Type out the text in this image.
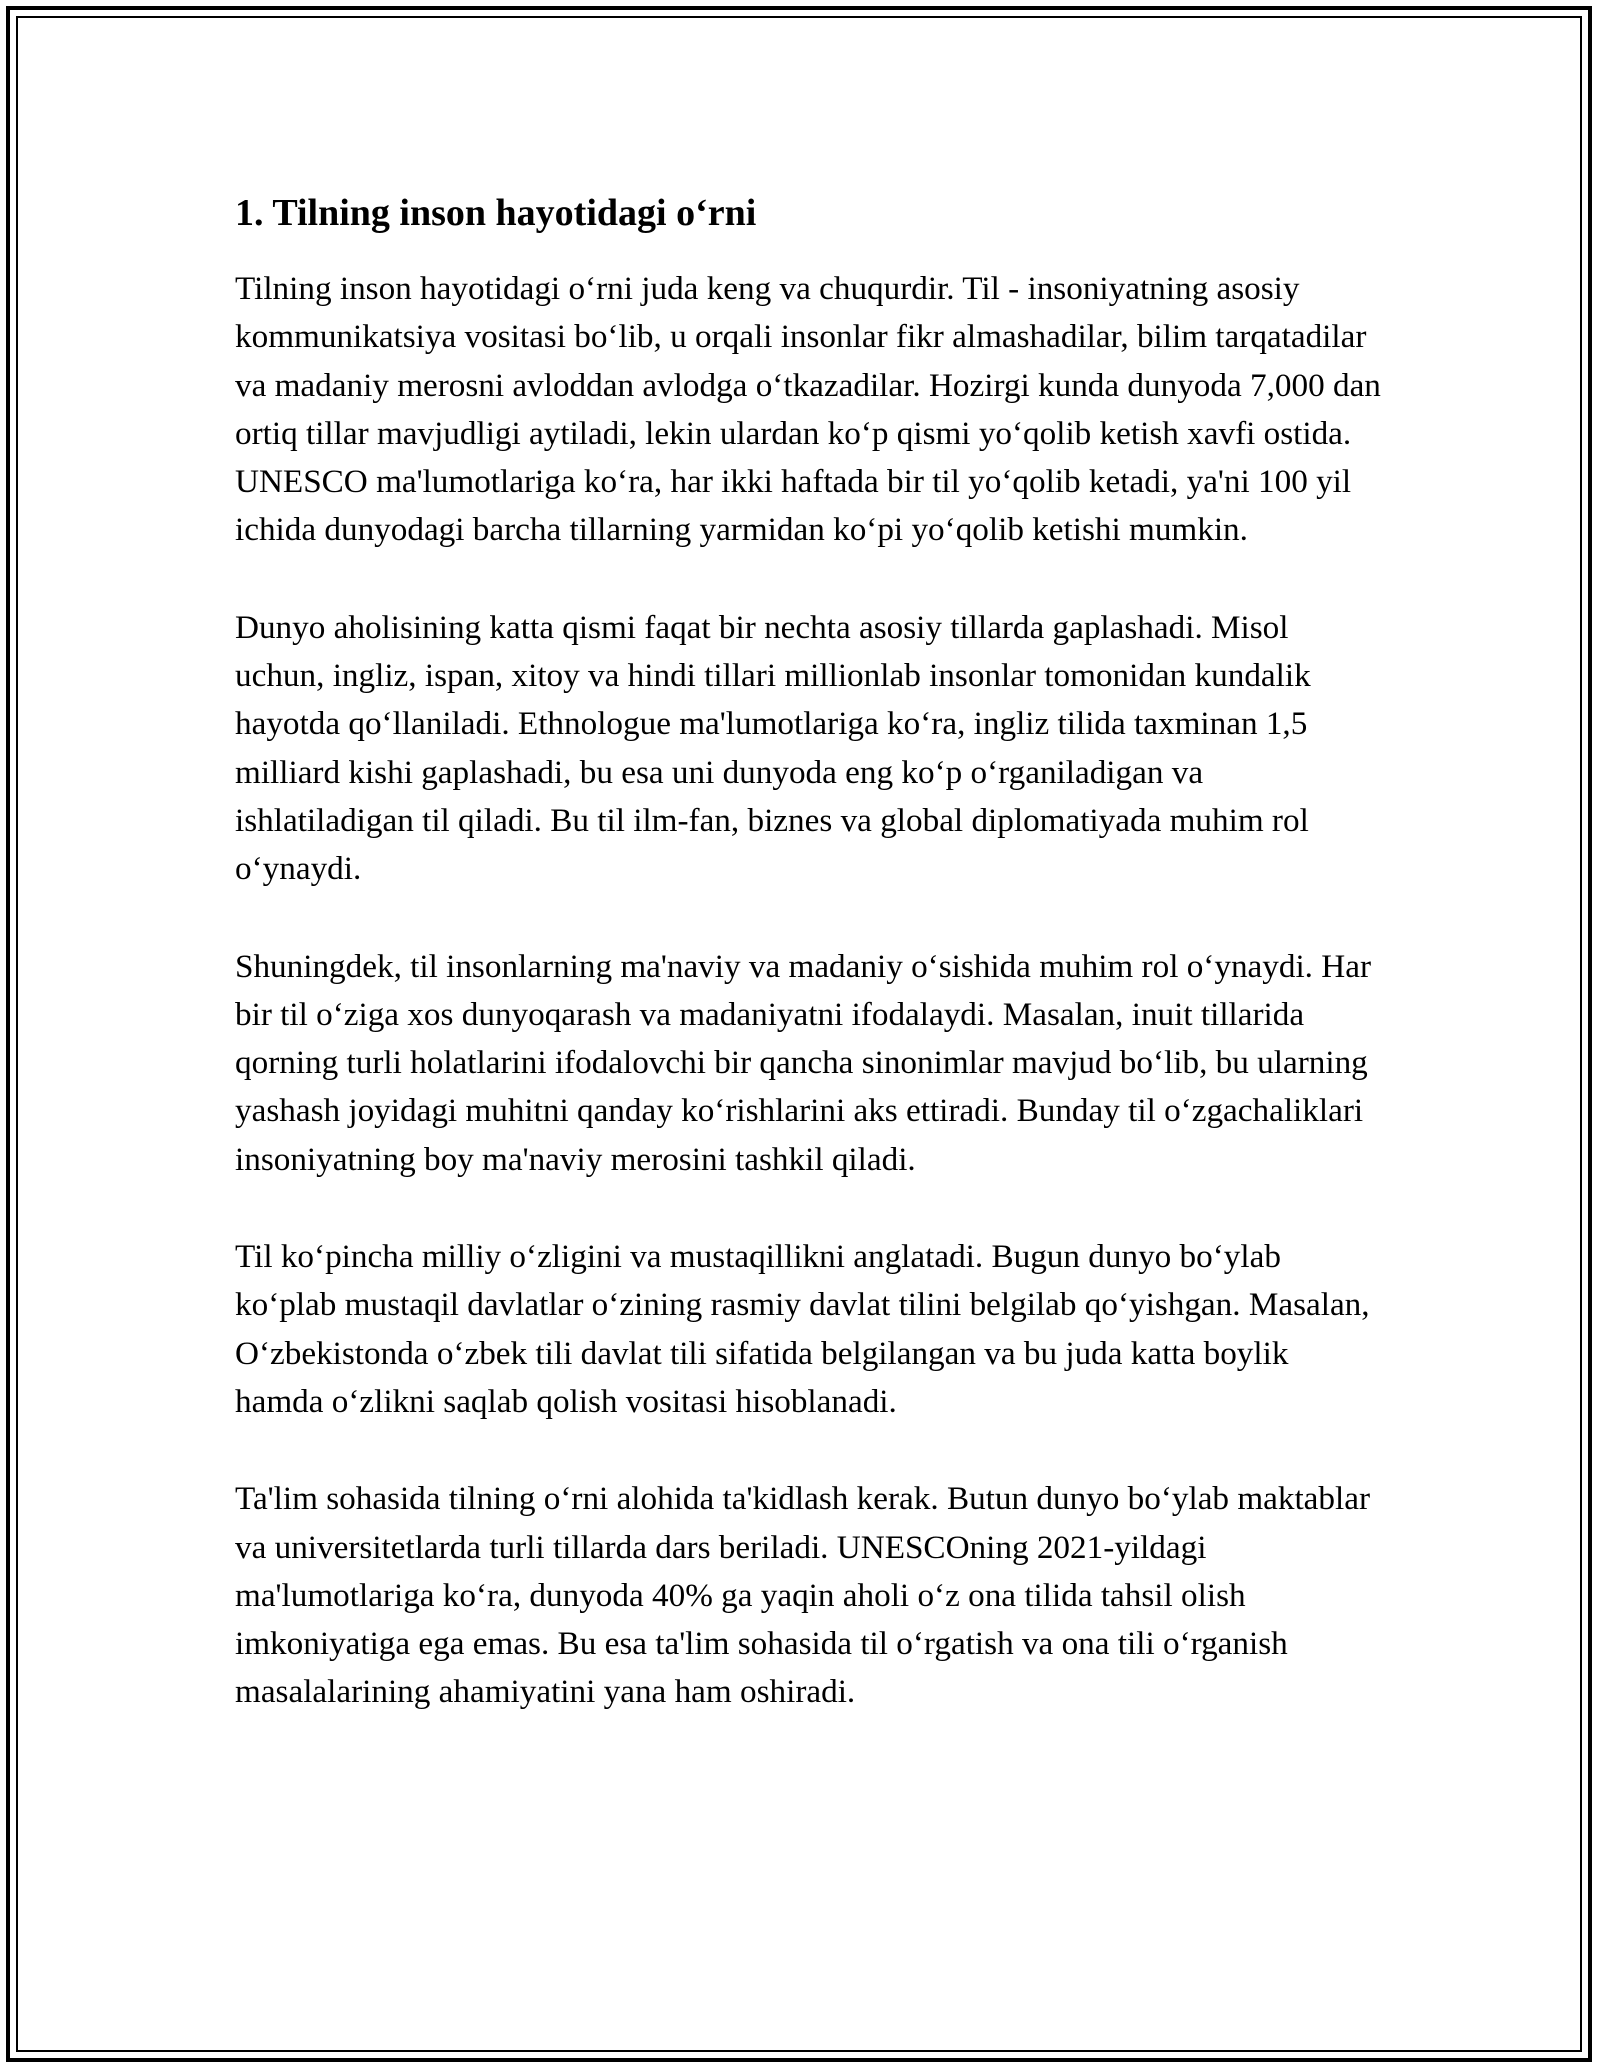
1. Tilning inson hayotidagi o‘rni

Tilning inson hayotidagi o‘rni juda keng va chuqurdir. Til - insoniyatning asosiy kommunikatsiya vositasi bo‘lib, u orqali insonlar fikr almashadilar, bilim tarqatadilar va madaniy merosni avloddan avlodga o‘tkazadilar. Hozirgi kunda dunyoda 7,000 dan ortiq tillar mavjudligi aytiladi, lekin ulardan ko‘p qismi yo‘qolib ketish xavfi ostida. UNESCO ma'lumotlariga ko‘ra, har ikki haftada bir til yo‘qolib ketadi, ya'ni 100 yil ichida dunyodagi barcha tillarning yarmidan ko‘pi yo‘qolib ketishi mumkin.

Dunyo aholisining katta qismi faqat bir nechta asosiy tillarda gaplashadi. Misol uchun, ingliz, ispan, xitoy va hindi tillari millionlab insonlar tomonidan kundalik hayotda qo‘llaniladi. Ethnologue ma'lumotlariga ko‘ra, ingliz tilida taxminan 1,5 milliard kishi gaplashadi, bu esa uni dunyoda eng ko‘p o‘rganiladigan va ishlatiladigan til qiladi. Bu til ilm-fan, biznes va global diplomatiyada muhim rol o‘ynaydi.

Shuningdek, til insonlarning ma'naviy va madaniy o‘sishida muhim rol o‘ynaydi. Har bir til o‘ziga xos dunyoqarash va madaniyatni ifodalaydi. Masalan, inuit tillarida qorning turli holatlarini ifodalovchi bir qancha sinonimlar mavjud bo‘lib, bu ularning yashash joyidagi muhitni qanday ko‘rishlarini aks ettiradi. Bunday til o‘zgachaliklari insoniyatning boy ma'naviy merosini tashkil qiladi.

Til ko‘pincha milliy o‘zligini va mustaqillikni anglatadi. Bugun dunyo bo‘ylab ko‘plab mustaqil davlatlar o‘zining rasmiy davlat tilini belgilab qo‘yishgan. Masalan, O‘zbekistonda o‘zbek tili davlat tili sifatida belgilangan va bu juda katta boylik hamda o‘zlikni saqlab qolish vositasi hisoblanadi.

Ta'lim sohasida tilning o‘rni alohida ta'kidlash kerak. Butun dunyo bo‘ylab maktablar va universitetlarda turli tillarda dars beriladi. UNESCOning 2021-yildagi ma'lumotlariga ko‘ra, dunyoda 40% ga yaqin aholi o‘z ona tilida tahsil olish imkoniyatiga ega emas. Bu esa ta'lim sohasida til o‘rgatish va ona tili o‘rganish masalalarining ahamiyatini yana ham oshiradi.
